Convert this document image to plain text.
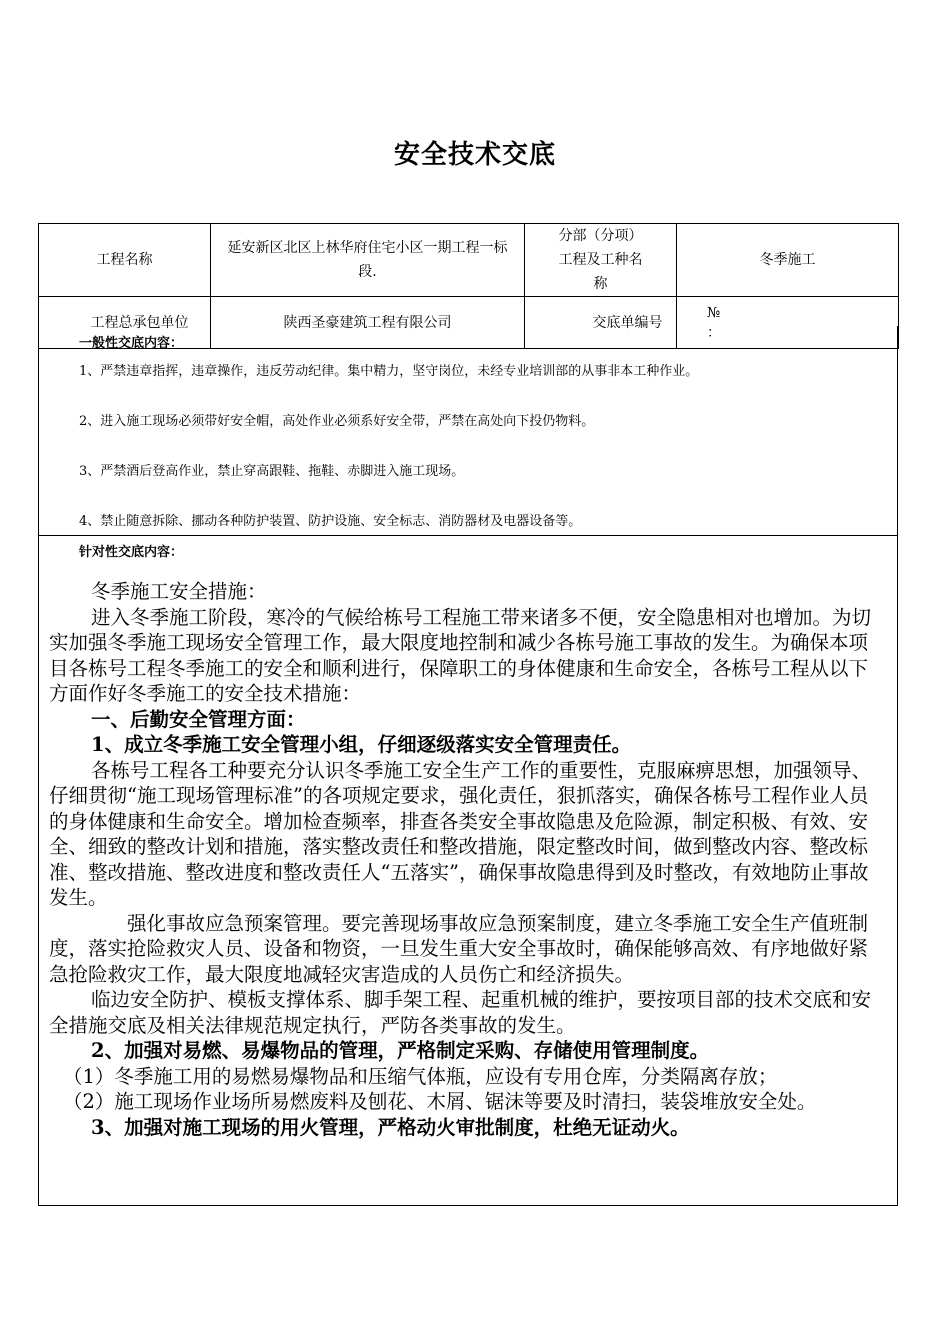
安全技术交底
工程名称	延安新区北区上林华府住宅小区一期工程一标段.	分部（分项）工程及工种名称	冬季施工
工程总承包单位	陕西圣豪建筑工程有限公司	交底单编号	№
：
一般性交底内容：
1、严禁违章指挥，违章操作，违反劳动纪律。集中精力，坚守岗位，未经专业培训部的从事非本工种作业。
2、进入施工现场必须带好安全帽，高处作业必须系好安全带，严禁在高处向下投仍物料。
3、严禁酒后登高作业，禁止穿高跟鞋、拖鞋、赤脚进入施工现场。
4、禁止随意拆除、挪动各种防护装置、防护设施、安全标志、消防器材及电器设备等。
针对性交底内容：

冬季施工安全措施：

进入冬季施工阶段，寒冷的气候给栋号工程施工带来诸多不便，安全隐患相对也增加。为切实加强冬季施工现场安全管理工作，最大限度地控制和减少各栋号施工事故的发生。为确保本项目各栋号工程冬季施工的安全和顺利进行，保障职工的身体健康和生命安全，各栋号工程从以下方面作好冬季施工的安全技术措施：

一、后勤安全管理方面：

1、成立冬季施工安全管理小组，仔细逐级落实安全管理责任。

各栋号工程各工种要充分认识冬季施工安全生产工作的重要性，克服麻痹思想，加强领导、仔细贯彻“施工现场管理标准”的各项规定要求，强化责任，狠抓落实，确保各栋号工程作业人员的身体健康和生命安全。增加检查频率，排查各类安全事故隐患及危险源，制定积极、有效、安全、细致的整改计划和措施，落实整改责任和整改措施，限定整改时间，做到整改内容、整改标准、整改措施、整改进度和整改责任人“五落实”，确保事故隐患得到及时整改，有效地防止事故发生。

强化事故应急预案管理。要完善现场事故应急预案制度，建立冬季施工安全生产值班制度，落实抢险救灾人员、设备和物资，一旦发生重大安全事故时，确保能够高效、有序地做好紧急抢险救灾工作，最大限度地减轻灾害造成的人员伤亡和经济损失。

临边安全防护、模板支撑体系、脚手架工程、起重机械的维护，要按项目部的技术交底和安全措施交底及相关法律规范规定执行，严防各类事故的发生。

2、加强对易燃、易爆物品的管理，严格制定采购、存储使用管理制度。

（1）冬季施工用的易燃易爆物品和压缩气体瓶，应设有专用仓库，分类隔离存放；

（2）施工现场作业场所易燃废料及刨花、木屑、锯沫等要及时清扫，装袋堆放安全处。

3、加强对施工现场的用火管理，严格动火审批制度，杜绝无证动火。
